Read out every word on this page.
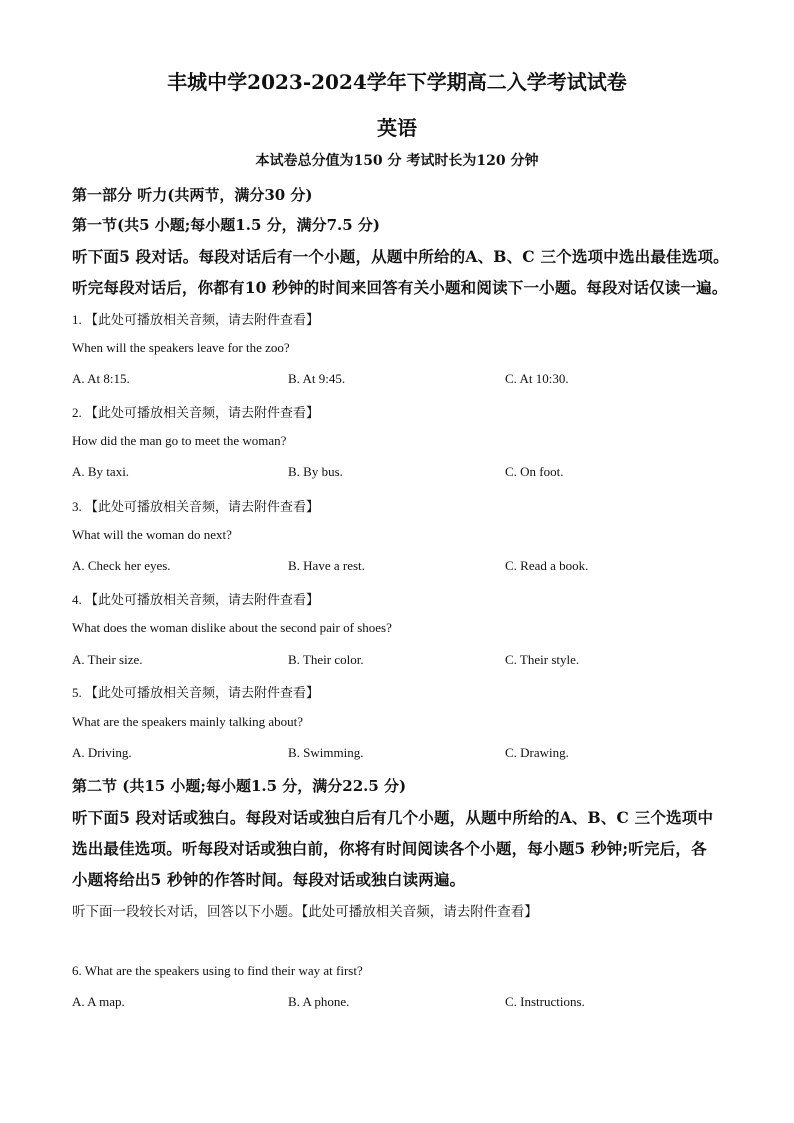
丰城中学2023-2024学年下学期高二入学考试试卷
英语
本试卷总分值为150 分 考试时长为120 分钟
第一部分 听力(共两节，满分30 分)
第一节(共5 小题;每小题1.5 分，满分7.5 分)
听下面5 段对话。每段对话后有一个小题，从题中所给的A、B、C 三个选项中选出最佳选项。
听完每段对话后，你都有10 秒钟的时间来回答有关小题和阅读下一小题。每段对话仅读一遍。
1. 【此处可播放相关音频，请去附件查看】
When will the speakers leave for the zoo?
A. At 8:15.	B. At 9:45.	C. At 10:30.
2. 【此处可播放相关音频，请去附件查看】
How did the man go to meet the woman?
A. By taxi.	B. By bus.	C. On foot.
3. 【此处可播放相关音频，请去附件查看】
What will the woman do next?
A. Check her eyes.	B. Have a rest.	C. Read a book.
4. 【此处可播放相关音频，请去附件查看】
What does the woman dislike about the second pair of shoes?
A. Their size.	B. Their color.	C. Their style.
5. 【此处可播放相关音频，请去附件查看】
What are the speakers mainly talking about?
A. Driving.	B. Swimming.	C. Drawing.
第二节 (共15 小题;每小题1.5 分，满分22.5 分)
听下面5 段对话或独白。每段对话或独白后有几个小题，从题中所给的A、B、C 三个选项中
选出最佳选项。听每段对话或独白前，你将有时间阅读各个小题，每小题5 秒钟;听完后，各
小题将给出5 秒钟的作答时间。每段对话或独白读两遍。
听下面一段较长对话，回答以下小题。【此处可播放相关音频，请去附件查看】
6. What are the speakers using to find their way at first?
A. A map.	B. A phone.	C. Instructions.
